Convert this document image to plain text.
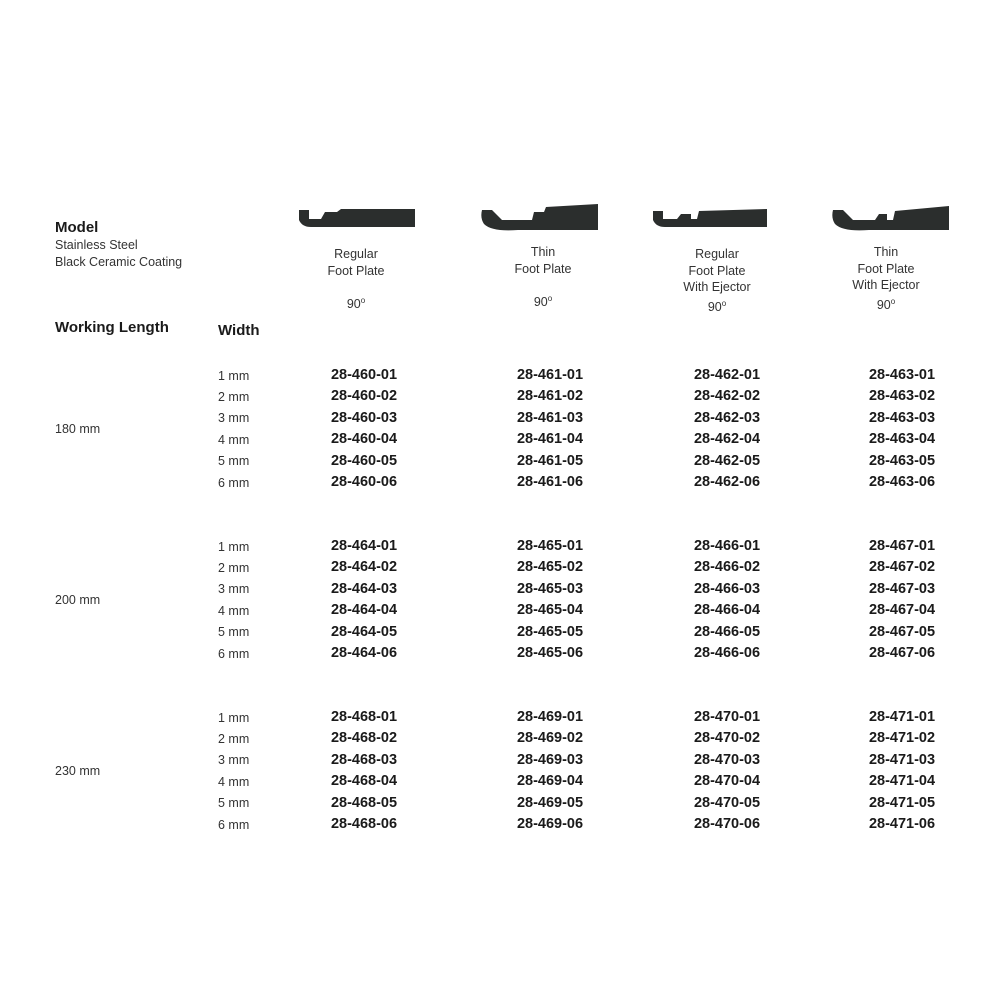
Model
Stainless Steel
Black Ceramic Coating
Working Length	Width
Regular
Foot Plate
90$^o$
Thin
Foot Plate
90$^o$
Regular
Foot Plate
With Ejector
90$^o$
Thin
Foot Plate
With Ejector
90$^o$
180 mm
1 mm	28-460-01	28-461-01	28-462-01	28-463-01
2 mm	28-460-02	28-461-02	28-462-02	28-463-02
3 mm	28-460-03	28-461-03	28-462-03	28-463-03
4 mm	28-460-04	28-461-04	28-462-04	28-463-04
5 mm	28-460-05	28-461-05	28-462-05	28-463-05
6 mm	28-460-06	28-461-06	28-462-06	28-463-06
200 mm
1 mm	28-464-01	28-465-01	28-466-01	28-467-01
2 mm	28-464-02	28-465-02	28-466-02	28-467-02
3 mm	28-464-03	28-465-03	28-466-03	28-467-03
4 mm	28-464-04	28-465-04	28-466-04	28-467-04
5 mm	28-464-05	28-465-05	28-466-05	28-467-05
6 mm	28-464-06	28-465-06	28-466-06	28-467-06
230 mm
1 mm	28-468-01	28-469-01	28-470-01	28-471-01
2 mm	28-468-02	28-469-02	28-470-02	28-471-02
3 mm	28-468-03	28-469-03	28-470-03	28-471-03
4 mm	28-468-04	28-469-04	28-470-04	28-471-04
5 mm	28-468-05	28-469-05	28-470-05	28-471-05
6 mm	28-468-06	28-469-06	28-470-06	28-471-06
